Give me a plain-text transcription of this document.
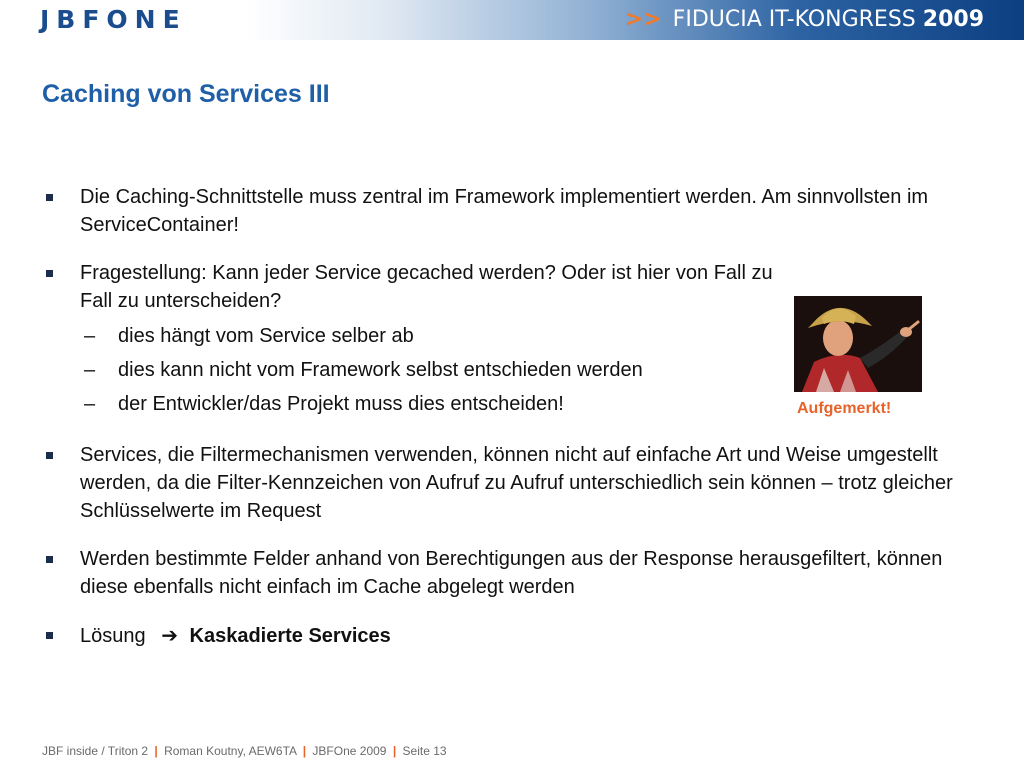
JBFONE	>> FIDUCIA IT-KONGRESS 2009
Caching von Services III
Die Caching-Schnittstelle muss zentral im Framework implementiert werden. Am sinnvollsten im ServiceContainer!
Fragestellung: Kann jeder Service gecached werden? Oder ist hier von Fall zu Fall zu unterscheiden?
– dies hängt vom Service selber ab
– dies kann nicht vom Framework selbst entschieden werden
– der Entwickler/das Projekt muss dies entscheiden!
Services, die Filtermechanismen verwenden, können nicht auf einfache Art und Weise umgestellt werden, da die Filter-Kennzeichen von Aufruf zu Aufruf unterschiedlich sein können – trotz gleicher Schlüsselwerte im Request
Werden bestimmte Felder anhand von Berechtigungen aus der Response herausgefiltert, können diese ebenfalls nicht einfach im Cache abgelegt werden
Lösung ➔ Kaskadierte Services
Aufgemerkt!
JBF inside / Triton 2 | Roman Koutny, AEW6TA | JBFOne 2009 | Seite 13
